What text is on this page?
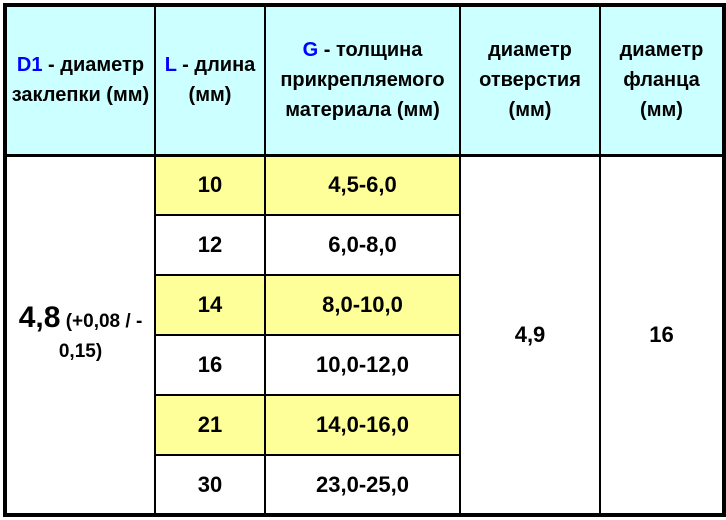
D1 - диаметр заклепки (мм)	L - длина (мм)	G - толщина прикрепляемого материала (мм)	диаметр отверстия (мм)	диаметр фланца (мм)
4,8 (+0,08 / -
0,15)	10	4,5-6,0	4,9	16
	12	6,0-8,0		
	14	8,0-10,0		
	16	10,0-12,0		
	21	14,0-16,0		
	30	23,0-25,0		
